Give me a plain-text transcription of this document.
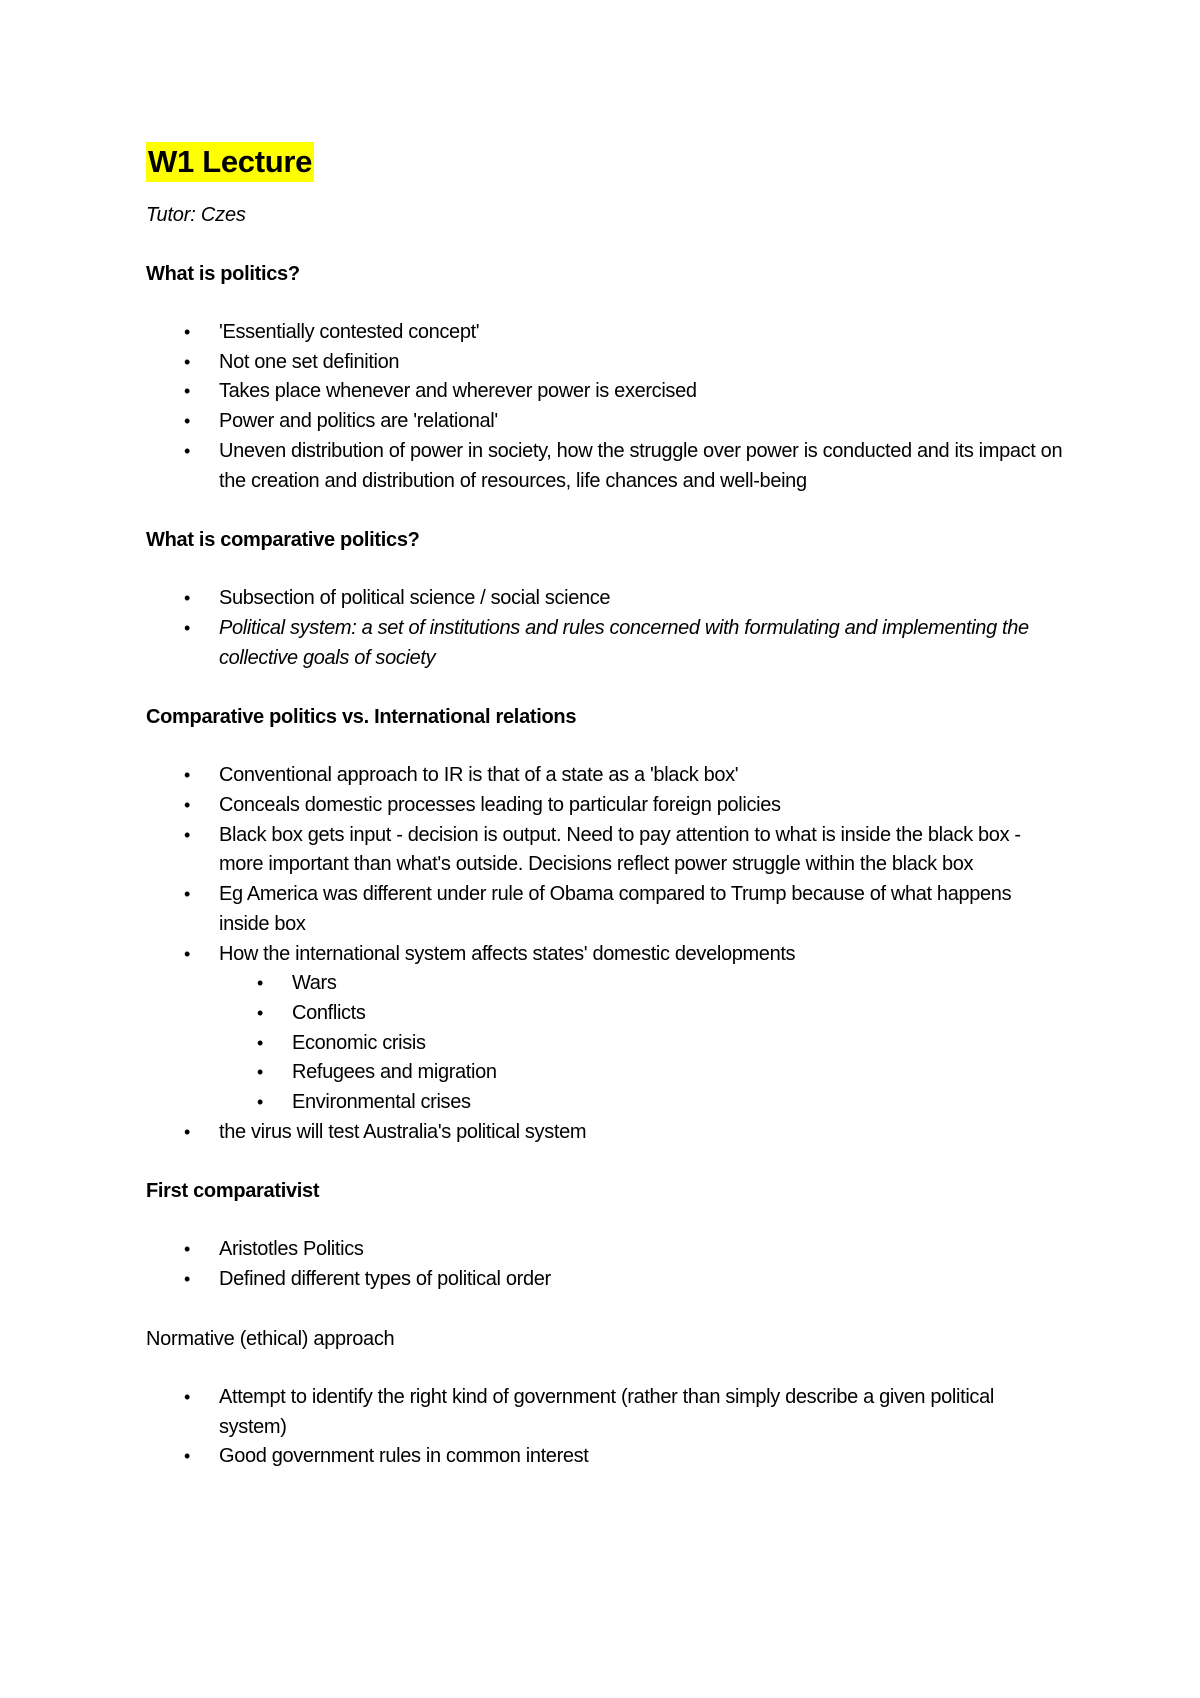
W1 Lecture
Tutor: Czes
What is politics?
• 'Essentially contested concept'
• Not one set definition
• Takes place whenever and wherever power is exercised
• Power and politics are 'relational'
• Uneven distribution of power in society, how the struggle over power is conducted and its impact on the creation and distribution of resources, life chances and well-being
What is comparative politics?
• Subsection of political science / social science
• Political system: a set of institutions and rules concerned with formulating and implementing the collective goals of society
Comparative politics vs. International relations
• Conventional approach to IR is that of a state as a 'black box'
• Conceals domestic processes leading to particular foreign policies
• Black box gets input - decision is output. Need to pay attention to what is inside the black box - more important than what's outside. Decisions reflect power struggle within the black box
• Eg America was different under rule of Obama compared to Trump because of what happens inside box
• How the international system affects states' domestic developments
• Wars
• Conflicts
• Economic crisis
• Refugees and migration
• Environmental crises
• the virus will test Australia's political system
First comparativist
• Aristotles Politics
• Defined different types of political order
Normative (ethical) approach
• Attempt to identify the right kind of government (rather than simply describe a given political system)
• Good government rules in common interest
